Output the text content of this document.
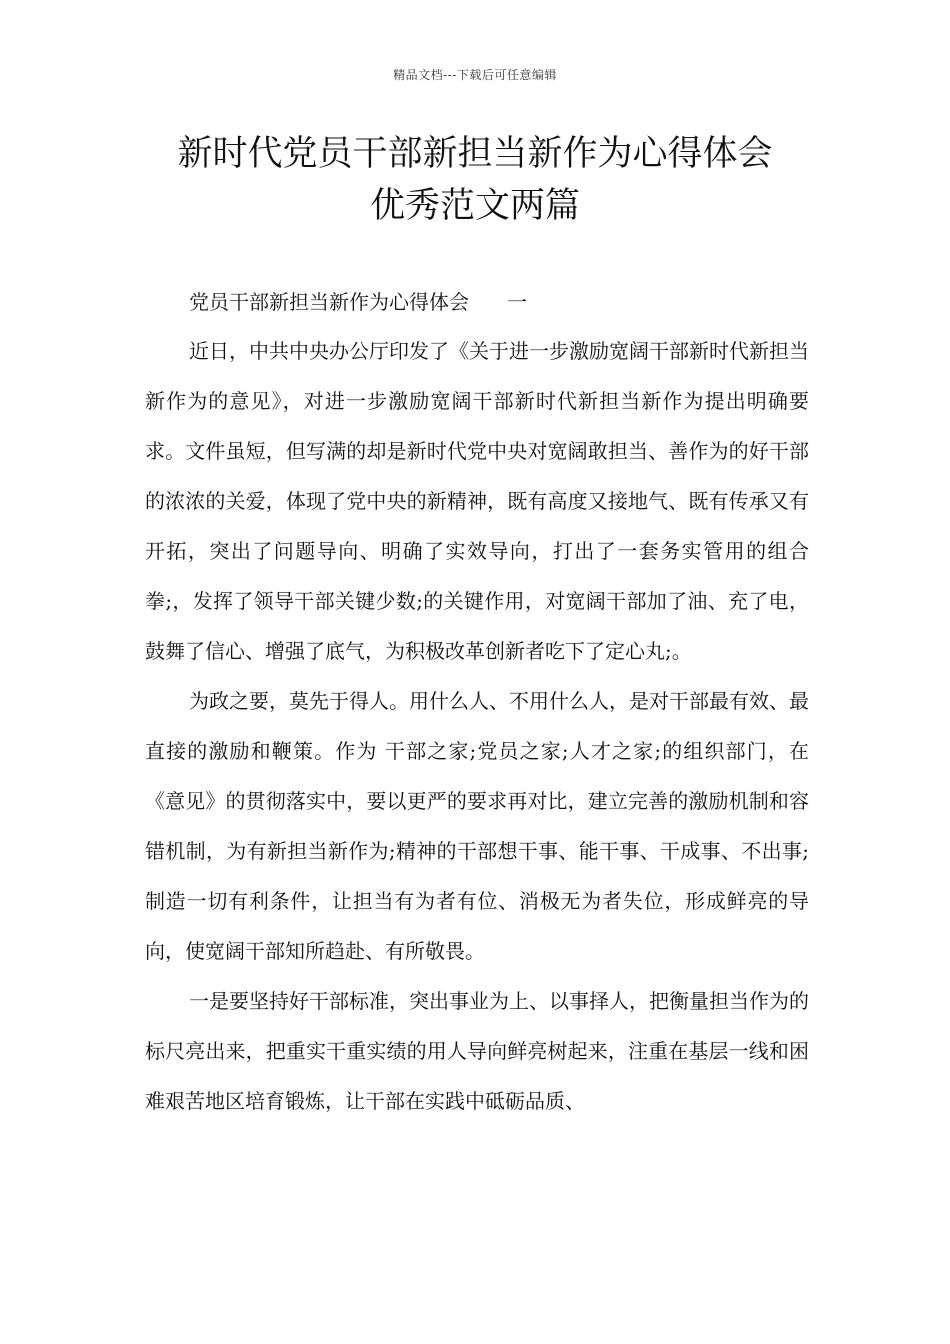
精品文档---下载后可任意编辑
新时代党员干部新担当新作为心得体会
优秀范文两篇

党员干部新担当新作为心得体会      一

近日，中共中央办公厅印发了《关于进一步激励宽阔干部新时代新担当新作为的意见》，对进一步激励宽阔干部新时代新担当新作为提出明确要求。文件虽短，但写满的却是新时代党中央对宽阔敢担当、善作为的好干部的浓浓的关爱，体现了党中央的新精神，既有高度又接地气、既有传承又有开拓，突出了问题导向、明确了实效导向，打出了一套务实管用的组合拳;，发挥了领导干部关键少数;的关键作用，对宽阔干部加了油、充了电，鼓舞了信心、增强了底气，为积极改革创新者吃下了定心丸;。

为政之要，莫先于得人。用什么人、不用什么人，是对干部最有效、最直接的激励和鞭策。作为 干部之家;党员之家;人才之家;的组织部门，在《意见》的贯彻落实中，要以更严的要求再对比，建立完善的激励机制和容错机制，为有新担当新作为;精神的干部想干事、能干事、干成事、不出事;制造一切有利条件，让担当有为者有位、消极无为者失位，形成鲜亮的导向，使宽阔干部知所趋赴、有所敬畏。

一是要坚持好干部标准，突出事业为上、以事择人，把衡量担当作为的标尺亮出来，把重实干重实绩的用人导向鲜亮树起来，注重在基层一线和困难艰苦地区培育锻炼，让干部在实践中砥砺品质、
